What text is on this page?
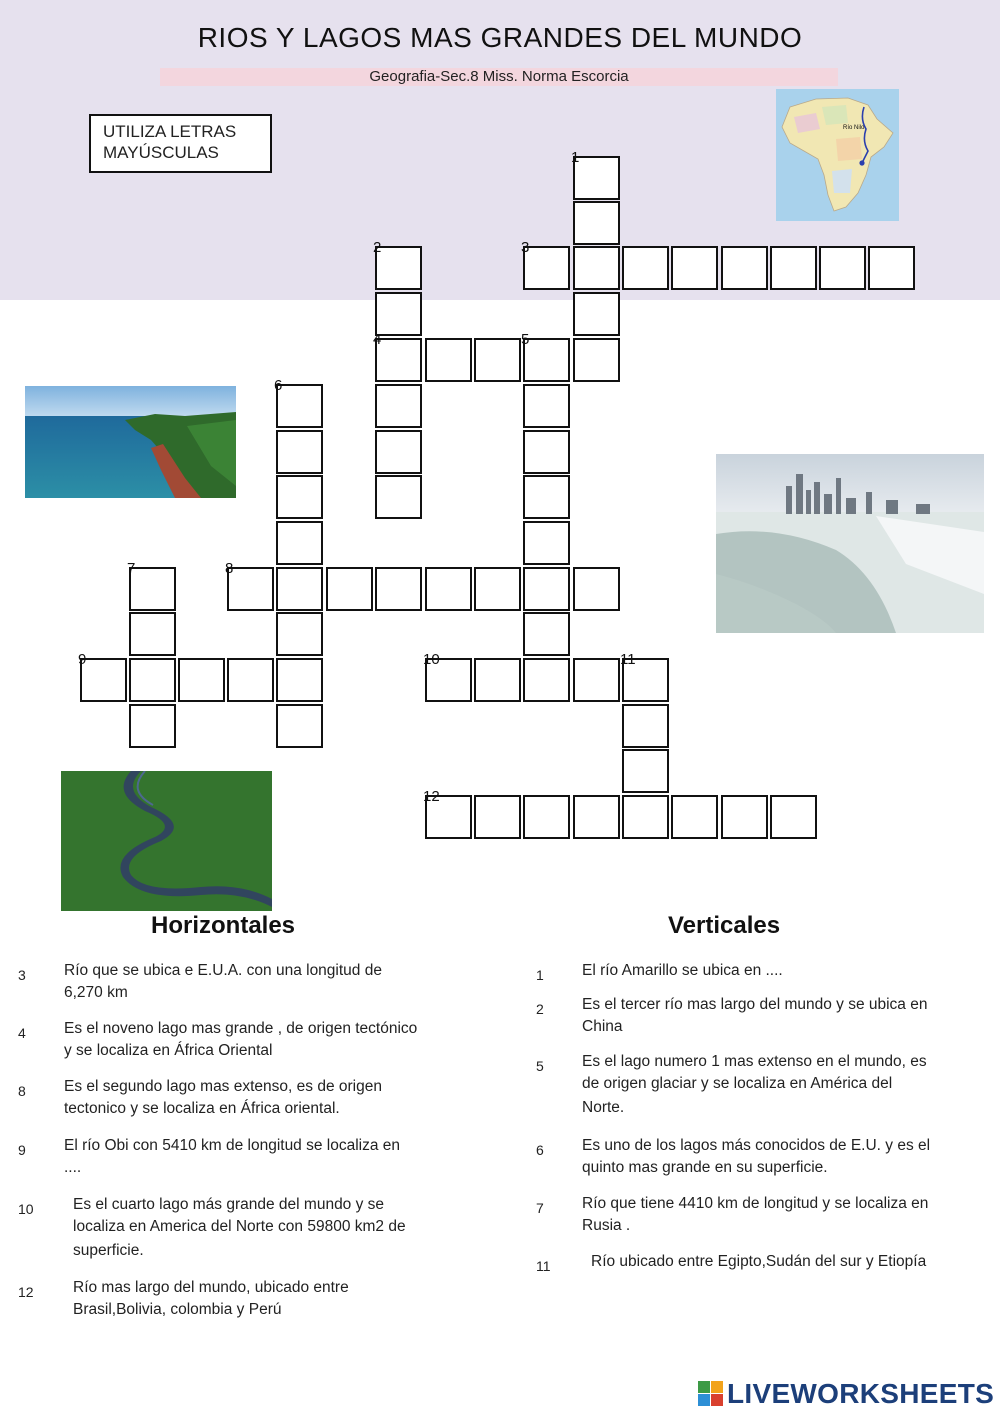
RIOS Y LAGOS MAS GRANDES DEL MUNDO
Geografia-Sec.8 Miss. Norma Escorcia
UTILIZA LETRAS
MAYÚSCULAS
Río Nilo
Horizontales	Verticales
3 Río que se ubica e E.U.A. con una longitud de
6,270 km
4 Es el noveno lago mas grande , de origen tectónico
y se localiza en África Oriental
8 Es el segundo lago mas extenso, es de origen
tectonico y se localiza en África oriental.
9 El río Obi con 5410 km de longitud se localiza en
....
10	Es el cuarto lago más grande del mundo y se
localiza en America del Norte con 59800 km2 de
superficie.
12	Río mas largo del mundo, ubicado entre
Brasil,Bolivia, colombia y Perú
1 El río Amarillo se ubica en ....
2 Es el tercer río mas largo del mundo y se ubica en
China
5 Es el lago numero 1 mas extenso en el mundo, es
de origen glaciar y se localiza en América del
Norte.
6 Es uno de los lagos más conocidos de E.U. y es el
quinto mas grande en su superficie.
7 Río que tiene 4410 km de longitud y se localiza en
Rusia .
11	Río ubicado entre Egipto,Sudán del sur y Etiopía
LIVEWORKSHEETS
1
2	3
4	5
6
7	8
9	10	11
12
